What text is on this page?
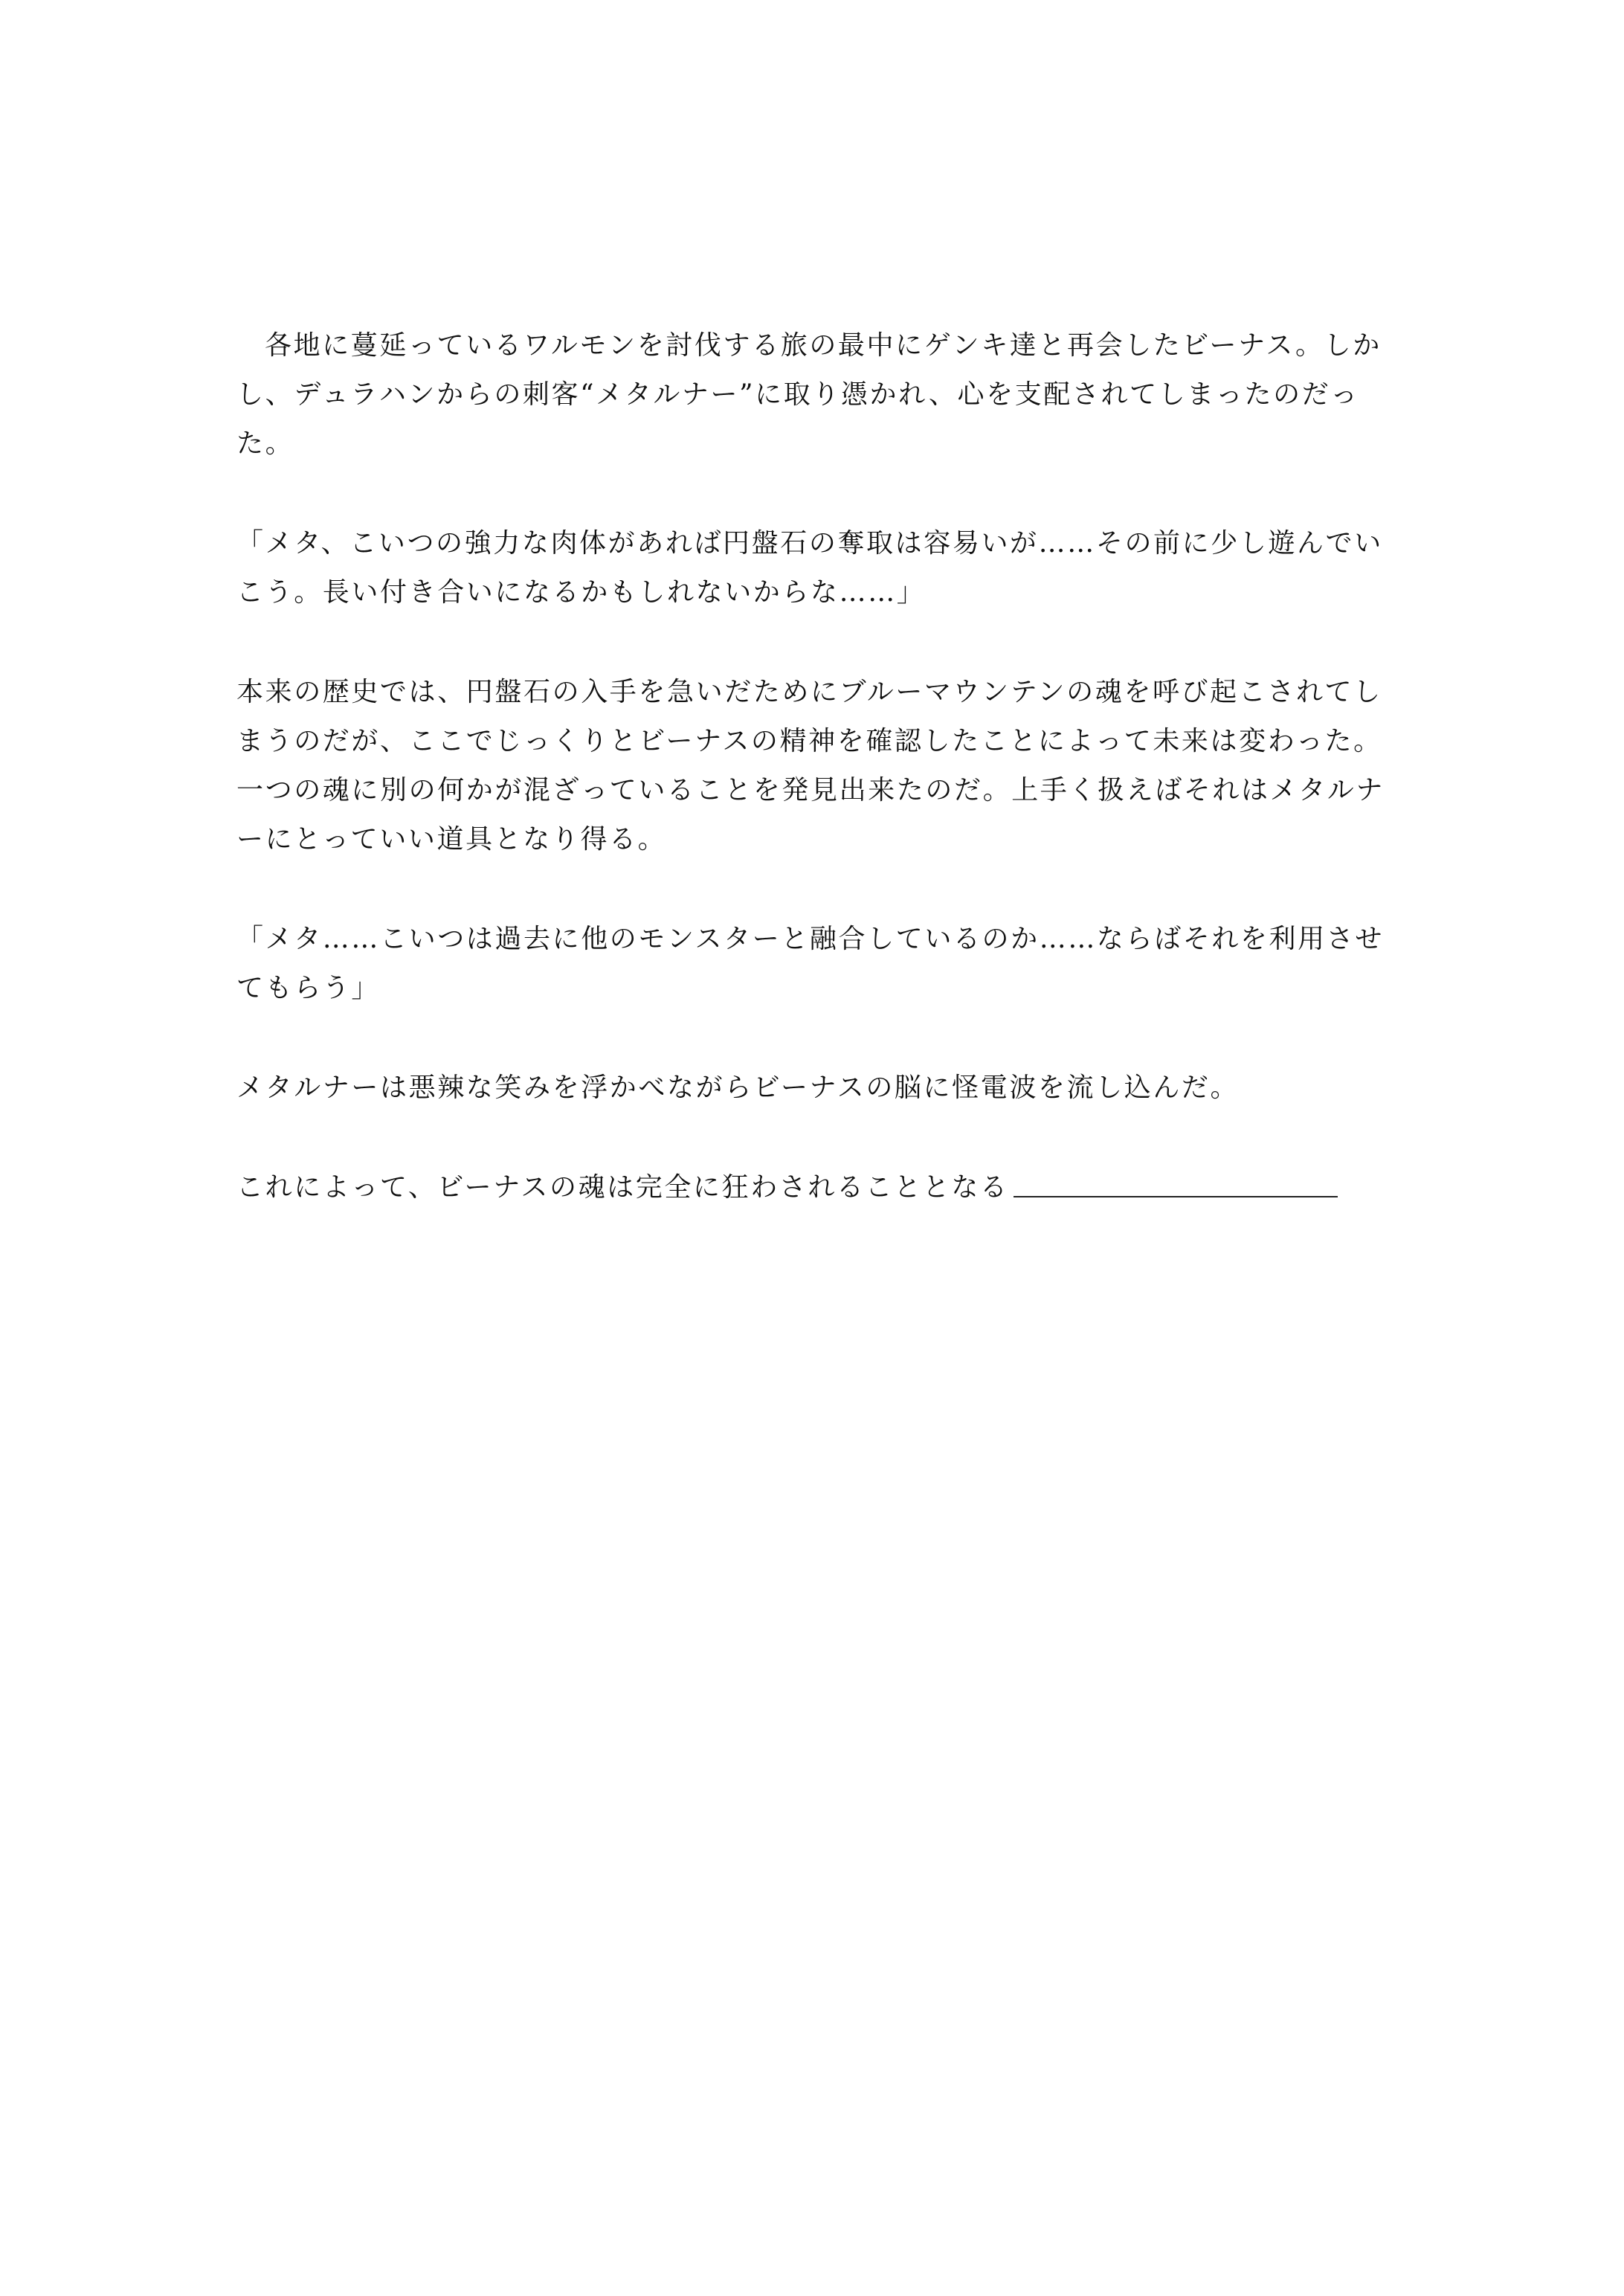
各地に蔓延っているワルモンを討伐する旅の最中にゲンキ達と再会したビーナス。しかし、デュラハンからの刺客“メタルナー”に取り憑かれ、心を支配されてしまったのだった。

「メタ、こいつの強力な肉体があれば円盤石の奪取は容易いが……その前に少し遊んでいこう。長い付き合いになるかもしれないからな……」

本来の歴史では、円盤石の入手を急いだためにブルーマウンテンの魂を呼び起こされてしまうのだが、ここでじっくりとビーナスの精神を確認したことによって未来は変わった。一つの魂に別の何かが混ざっていることを発見出来たのだ。上手く扱えばそれはメタルナーにとっていい道具となり得る。

「メタ……こいつは過去に他のモンスターと融合しているのか……ならばそれを利用させてもらう」

メタルナーは悪辣な笑みを浮かべながらビーナスの脳に怪電波を流し込んだ。

これによって、ビーナスの魂は完全に狂わされることとなる
